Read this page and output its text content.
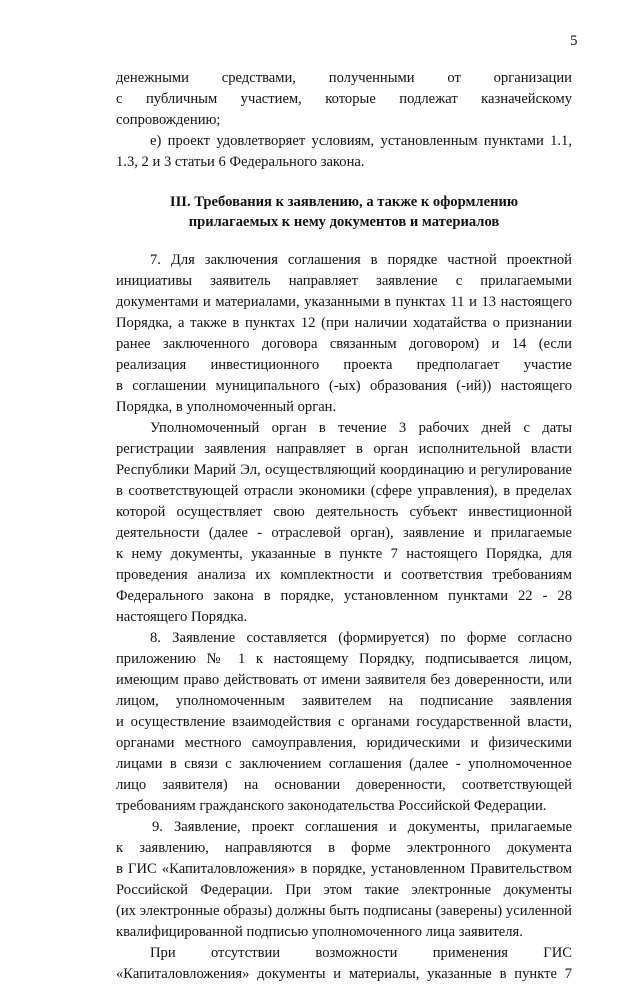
5

денежными средствами, полученными от организации

с публичным участием, которые подлежат казначейскому

сопровождению;

е) проект удовлетворяет условиям, установленным пунктами 1.1,

1.3, 2 и 3 статьи 6 Федерального закона.

III. Требования к заявлению, а также к оформлению
прилагаемых к нему документов и материалов

7. Для заключения соглашения в порядке частной проектной

инициативы заявитель направляет заявление с прилагаемыми

документами и материалами, указанными в пунктах 11 и 13 настоящего

Порядка, а также в пунктах 12 (при наличии ходатайства о признании

ранее заключенного договора связанным договором) и 14 (если

реализация инвестиционного проекта предполагает участие

в соглашении муниципального (-ых) образования (-ий)) настоящего

Порядка, в уполномоченный орган.

Уполномоченный орган в течение 3 рабочих дней с даты

регистрации заявления направляет в орган исполнительной власти

Республики Марий Эл, осуществляющий координацию и регулирование

в соответствующей отрасли экономики (сфере управления), в пределах

которой осуществляет свою деятельность субъект инвестиционной

деятельности (далее - отраслевой орган), заявление и прилагаемые

к нему документы, указанные в пункте 7 настоящего Порядка, для

проведения анализа их комплектности и соответствия требованиям

Федерального закона в порядке, установленном пунктами 22 - 28

настоящего Порядка.

8. Заявление составляется (формируется) по форме согласно

приложению № 1 к настоящему Порядку, подписывается лицом,

имеющим право действовать от имени заявителя без доверенности, или

лицом, уполномоченным заявителем на подписание заявления

и осуществление взаимодействия с органами государственной власти,

органами местного самоуправления, юридическими и физическими

лицами в связи с заключением соглашения (далее - уполномоченное

лицо заявителя) на основании доверенности, соответствующей

требованиям гражданского законодательства Российской Федерации.

9. Заявление, проект соглашения и документы, прилагаемые

к заявлению, направляются в форме электронного документа

в ГИС «Капиталовложения» в порядке, установленном Правительством

Российской Федерации. При этом такие электронные документы

(их электронные образы) должны быть подписаны (заверены) усиленной

квалифицированной подписью уполномоченного лица заявителя.

При отсутствии возможности применения ГИС

«Капиталовложения» документы и материалы, указанные в пункте 7
